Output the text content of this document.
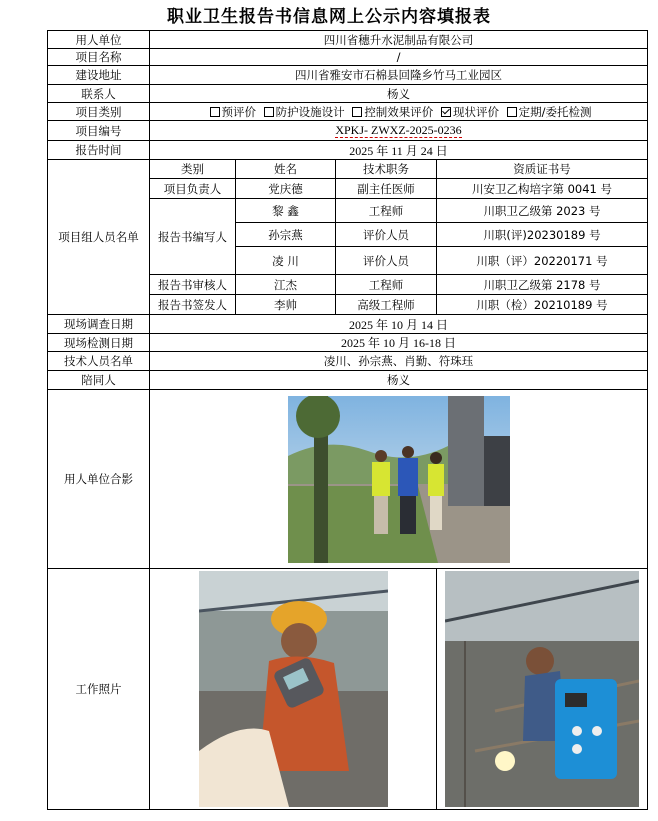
职业卫生报告书信息网上公示内容填报表
用人单位	四川省穗升水泥制品有限公司			
项目名称	/			
建设地址	四川省雅安市石棉县回隆乡竹马工业园区			
联系人	杨义			
项目类别	预评价 防护设施设计 控制效果评价 现状评价 定期/委托检测			
项目编号	XPKJ- ZWXZ-2025-0236			
报告时间	2025 年 11 月 24 日			
项目组人员名单	类别	姓名	技术职务	资质证书号
	项目负责人	党庆德	副主任医师	川安卫乙构培字第 0041 号
	报告书编写人	黎 鑫	工程师	川职卫乙级第 2023 号
		孙宗燕	评价人员	川职(评)20230189 号
		凌 川	评价人员	川职（评）20220171 号
	报告书审核人	江杰	工程师	川职卫乙级第 2178 号
	报告书签发人	李帅	高级工程师	川职（检）20210189 号
现场调查日期	2025 年 10 月 14 日			
现场检测日期	2025 年 10 月 16-18 日			
技术人员名单	凌川、孙宗燕、肖勤、符珠珏			
陪同人	杨义			
用人单位合影	

工作照片	
